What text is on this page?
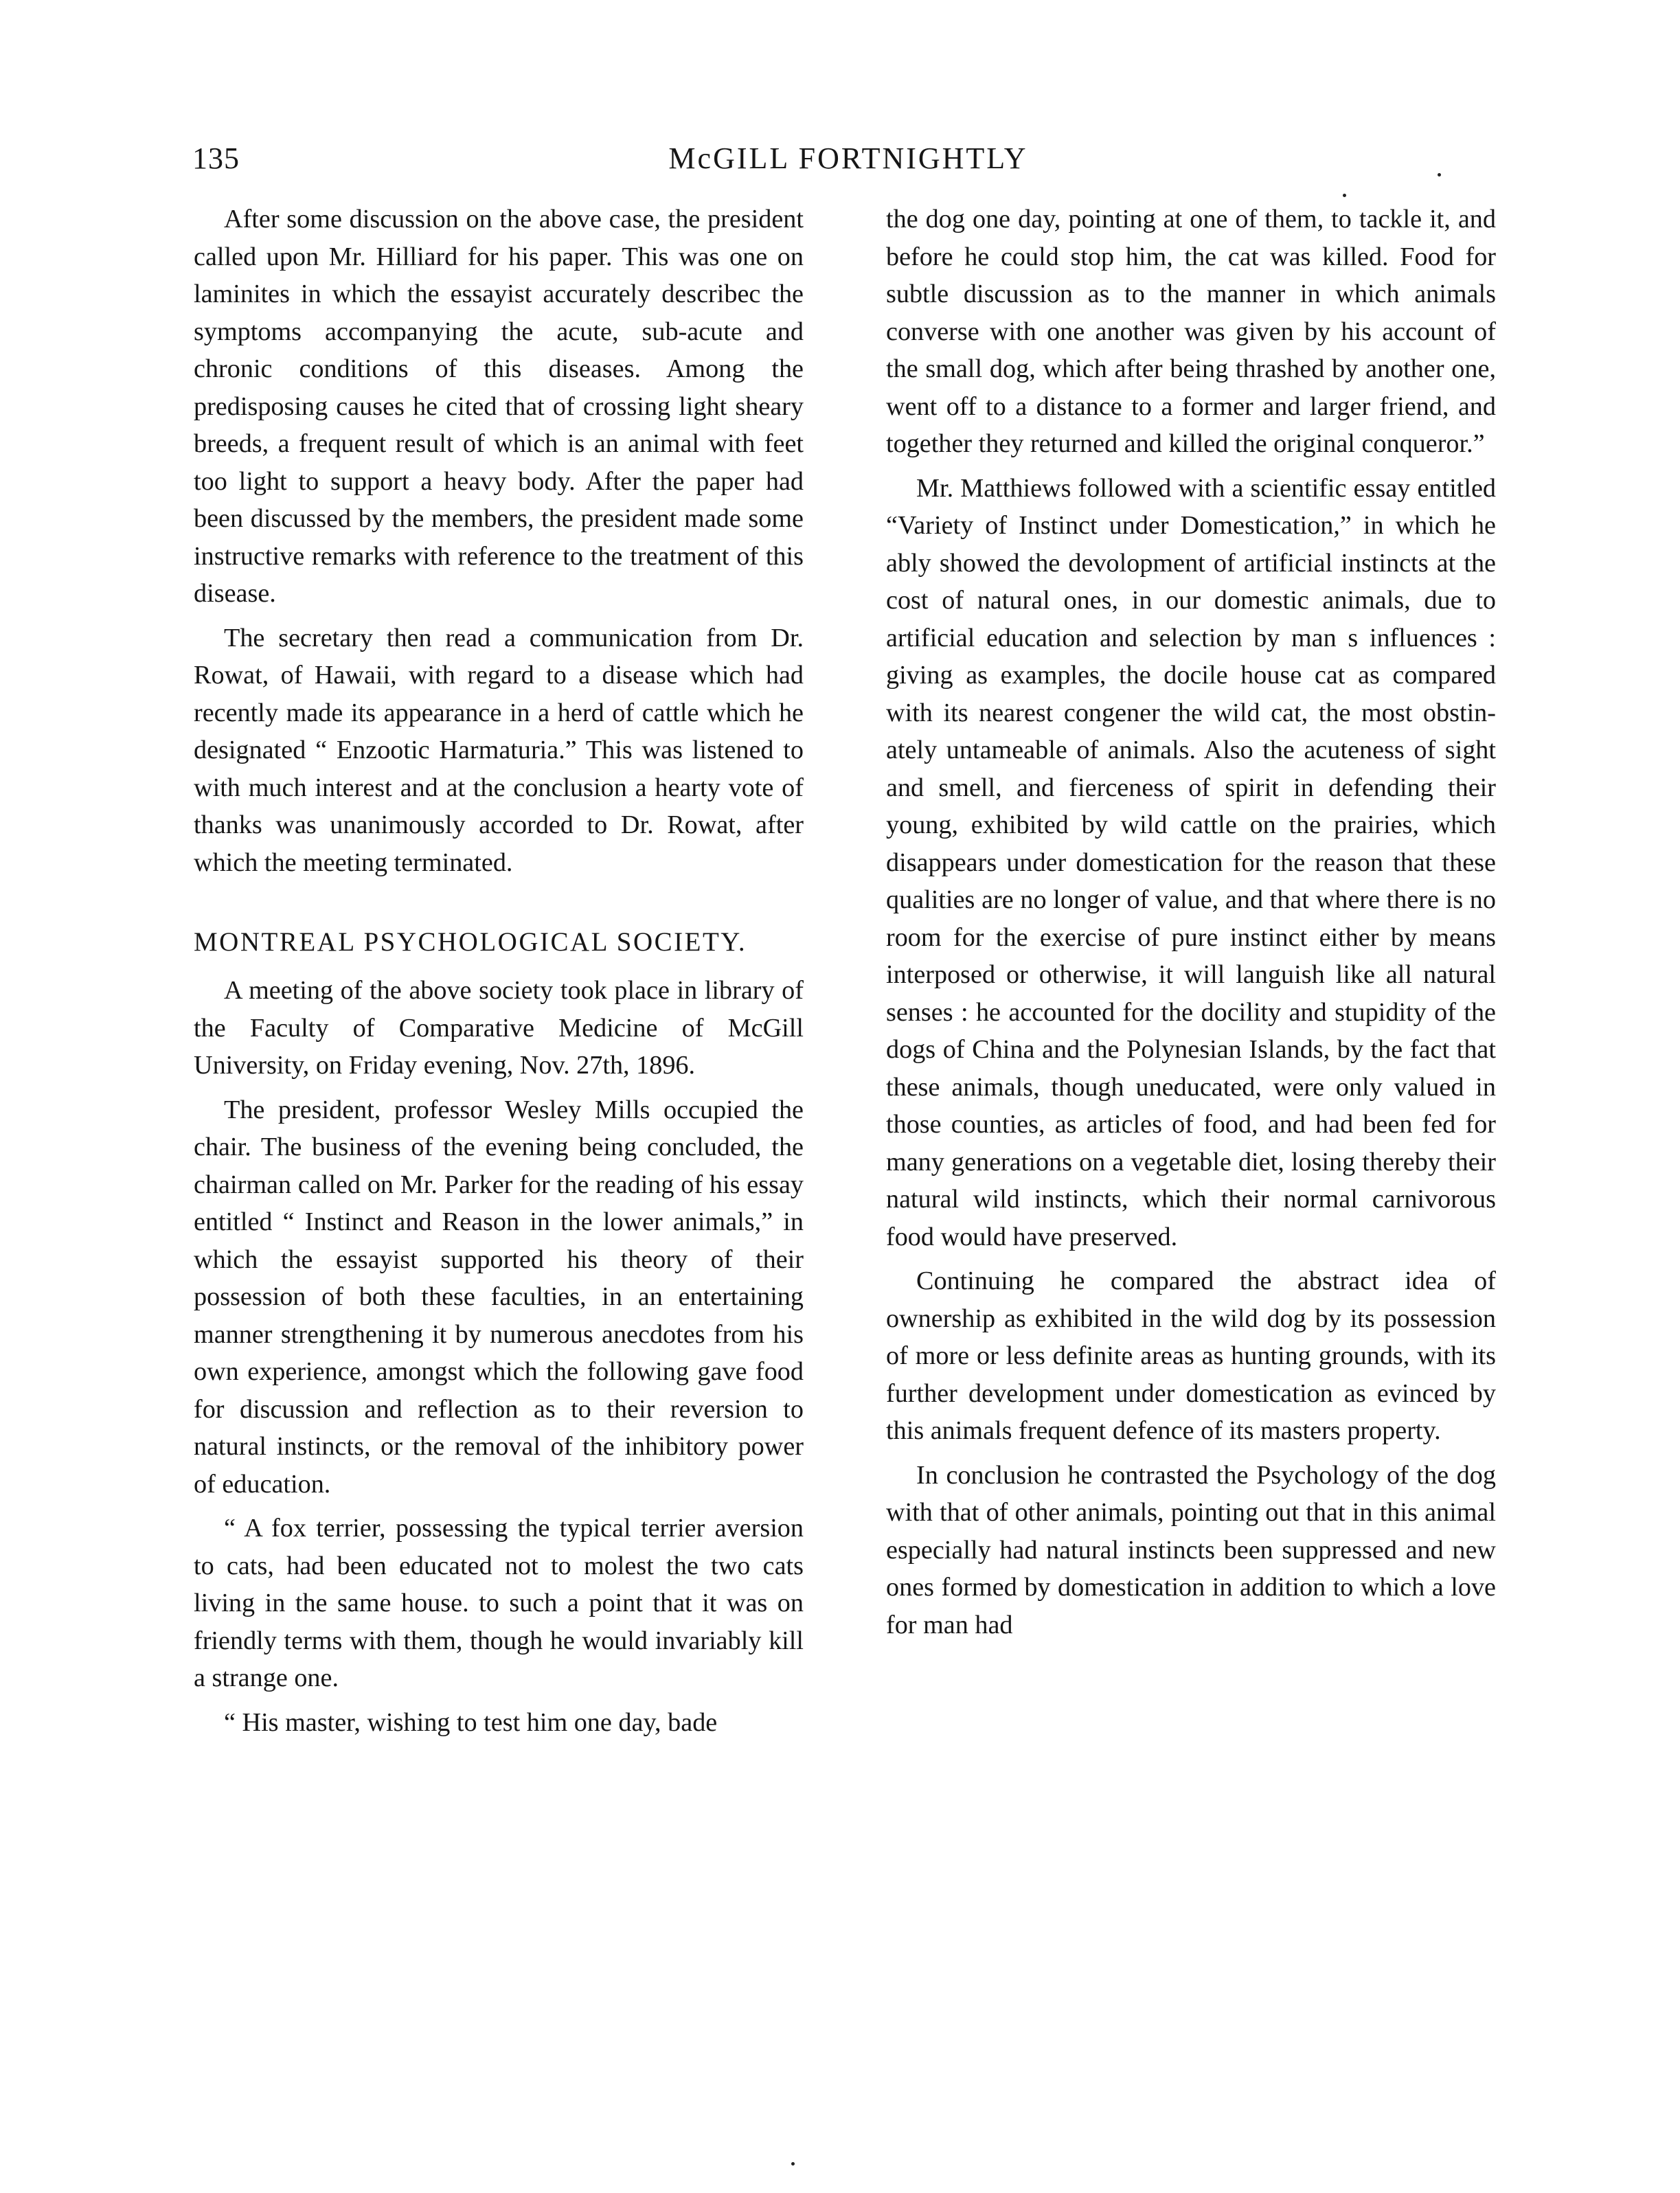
135	McGILL FORTNIGHTLY

After some discussion on the above case, the president called upon Mr. Hilliard for his paper. This was one on laminites in which the essayist accurately describec the symptoms accompanying the acute, sub-acute and chronic conditions of this diseases. Among the predisposing causes he cited that of crossing light sheary breeds, a frequent result of which is an animal with feet too light to support a heavy body. After the paper had been discussed by the members, the president made some instructive remarks with reference to the treatment of this disease.

The secretary then read a communication from Dr. Rowat, of Hawaii, with regard to a disease which had recently made its appearance in a herd of cattle which he designated “ Enzootic Harmaturia.” This was listened to with much interest and at the conclusion a hearty vote of thanks was unanimously accorded to Dr. Rowat, after which the meeting terminated.

MONTREAL PSYCHOLOGICAL SOCIETY.

A meeting of the above society took place in library of the Faculty of Comparative Medicine of McGill University, on Friday evening, Nov. 27th, 1896.

The president, professor Wesley Mills occupied the chair. The business of the evening being concluded, the chairman called on Mr. Parker for the reading of his essay entitled “ Instinct and Reason in the lower animals,” in which the essayist supported his theory of their possession of both these faculties, in an entertaining manner strengthening it by numerous anecdotes from his own experience, amongst which the following gave food for discussion and reflection as to their reversion to natural instincts, or the removal of the inhibitory power of education.

“ A fox terrier, possessing the typical terrier aversion to cats, had been educated not to molest the two cats living in the same house. to such a point that it was on friendly terms with them, though he would invariably kill a strange one.

“ His master, wishing to test him one day, bade

the dog one day, pointing at one of them, to tackle it, and before he could stop him, the cat was killed. Food for subtle discussion as to the manner in which animals converse with one another was given by his account of the small dog, which after being thrashed by another one, went off to a distance to a former and larger friend, and together they returned and killed the original conqueror.”

Mr. Matthiews followed with a scientific essay entitled “Variety of Instinct under Domestication,” in which he ably showed the devolopment of artificial instincts at the cost of natural ones, in our domestic animals, due to artificial education and selection by man s influences : giving as examples, the docile house cat as compared with its nearest congener the wild cat, the most obstinately untameable of animals. Also the acuteness of sight and smell, and fierceness of spirit in defending their young, exhibited by wild cattle on the prairies, which disappears under domestication for the reason that these qualities are no longer of value, and that where there is no room for the exercise of pure instinct either by means interposed or otherwise, it will languish like all natural senses : he accounted for the docility and stupidity of the dogs of China and the Polynesian Islands, by the fact that these animals, though uneducated, were only valued in those counties, as articles of food, and had been fed for many generations on a vegetable diet, losing thereby their natural wild instincts, which their normal carnivorous food would have preserved.

Continuing he compared the abstract idea of ownership as exhibited in the wild dog by its possession of more or less definite areas as hunting grounds, with its further development under domestication as evinced by this animals frequent defence of its masters property.

In conclusion he contrasted the Psychology of the dog with that of other animals, pointing out that in this animal especially had natural instincts been suppressed and new ones formed by domestication in addition to which a love for man had
